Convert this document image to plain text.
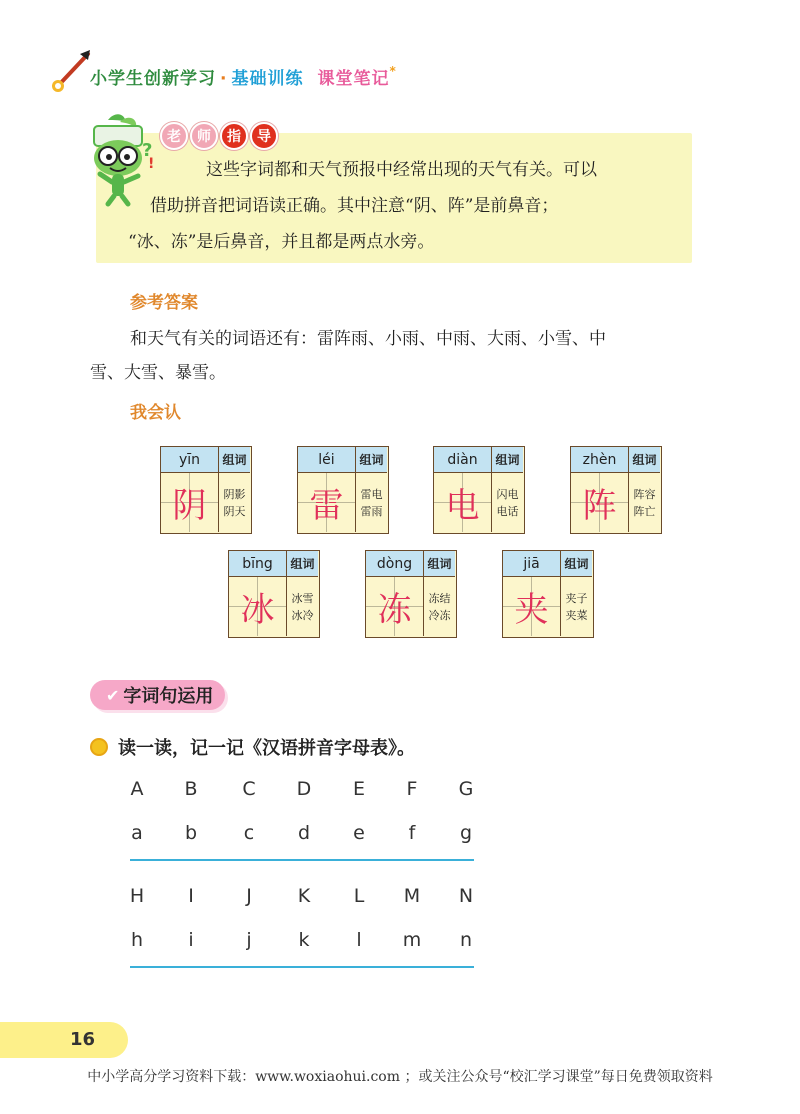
小学生创新学习 · 基础训练 课堂笔记*
?
!
老	师	指	导

这些字词都和天气预报中经常出现的天气有关。可以

借助拼音把词语读正确。其中注意“阴、阵”是前鼻音；

“冰、冻”是后鼻音，并且都是两点水旁。

参考答案

和天气有关的词语还有：雷阵雨、小雨、中雨、大雨、小雪、中

雪、大雪、暴雪。

我会认
yīn	组词
阴	阴影
阴天
léi	组词
雷	雷电
雷雨
diàn	组词
电	闪电
电话
zhèn	组词
阵	阵容
阵亡
bīng	组词
冰	冰雪
冰冷
dòng	组词
冻	冻结
冷冻
jiā	组词
夹	夹子
夹菜
✔ 字词句运用
读一读，记一记《汉语拼音字母表》。
A	B	C	D	E	F	G
a	b	c	d	e	f	g
H	I	J	K	L	M	N
h	i	j	k	l	m	n
16
中小学高分学习资料下载：www.woxiaohui.com ；或关注公众号“校汇学习课堂”每日免费领取资料
